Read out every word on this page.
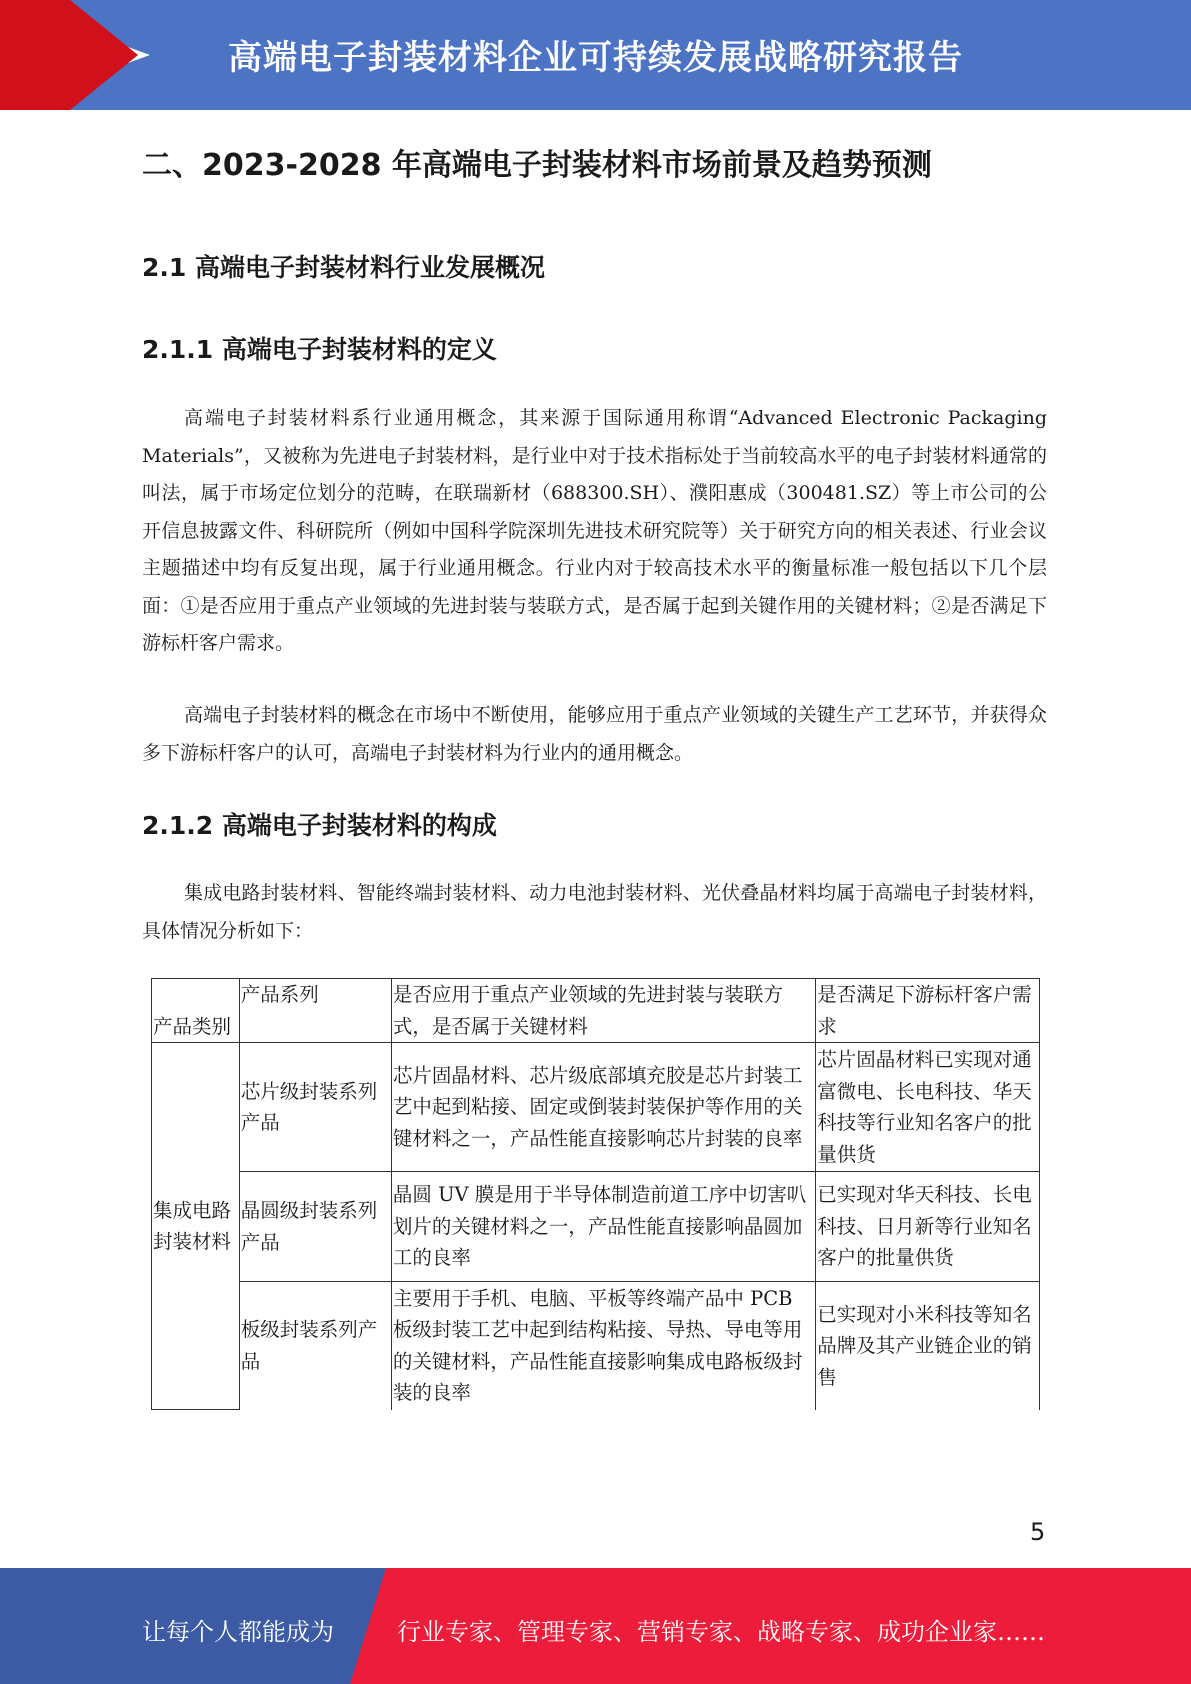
高端电子封装材料企业可持续发展战略研究报告
二、2023-2028 年高端电子封装材料市场前景及趋势预测
2.1 高端电子封装材料行业发展概况
2.1.1 高端电子封装材料的定义

高端电子封装材料系行业通用概念，其来源于国际通用称谓“Advanced Electronic Packaging Materials”，又被称为先进电子封装材料，是行业中对于技术指标处于当前较高水平的电子封装材料通常的叫法，属于市场定位划分的范畴，在联瑞新材（688300.SH）、濮阳惠成（300481.SZ）等上市公司的公开信息披露文件、科研院所（例如中国科学院深圳先进技术研究院等）关于研究方向的相关表述、行业会议主题描述中均有反复出现，属于行业通用概念。行业内对于较高技术水平的衡量标准一般包括以下几个层面：①是否应用于重点产业领域的先进封装与装联方式，是否属于起到关键作用的关键材料；②是否满足下游标杆客户需求。

高端电子封装材料的概念在市场中不断使用，能够应用于重点产业领域的关键生产工艺环节，并获得众多下游标杆客户的认可，高端电子封装材料为行业内的通用概念。

2.1.2 高端电子封装材料的构成

集成电路封装材料、智能终端封装材料、动力电池封装材料、光伏叠晶材料均属于高端电子封装材料，具体情况分析如下：

产品类别	产品系列	是否应用于重点产业领域的先进封装与装联方式，是否属于关键材料	是否满足下游标杆客户需求
集成电路封装材料	芯片级封装系列产品	芯片固晶材料、芯片级底部填充胶是芯片封装工艺中起到粘接、固定或倒装封装保护等作用的关键材料之一，产品性能直接影响芯片封装的良率	芯片固晶材料已实现对通富微电、长电科技、华天科技等行业知名客户的批量供货
	晶圆级封装系列产品	晶圆 UV 膜是用于半导体制造前道工序中切害叭划片的关键材料之一，产品性能直接影响晶圆加工的良率	已实现对华天科技、长电科技、日月新等行业知名客户的批量供货
	板级封装系列产品	主要用于手机、电脑、平板等终端产品中 PCB 板级封装工艺中起到结构粘接、导热、导电等用的关键材料，产品性能直接影响集成电路板级封装的良率	已实现对小米科技等知名品牌及其产业链企业的销售
5
让每个人都能成为	行业专家、管理专家、营销专家、战略专家、成功企业家……
